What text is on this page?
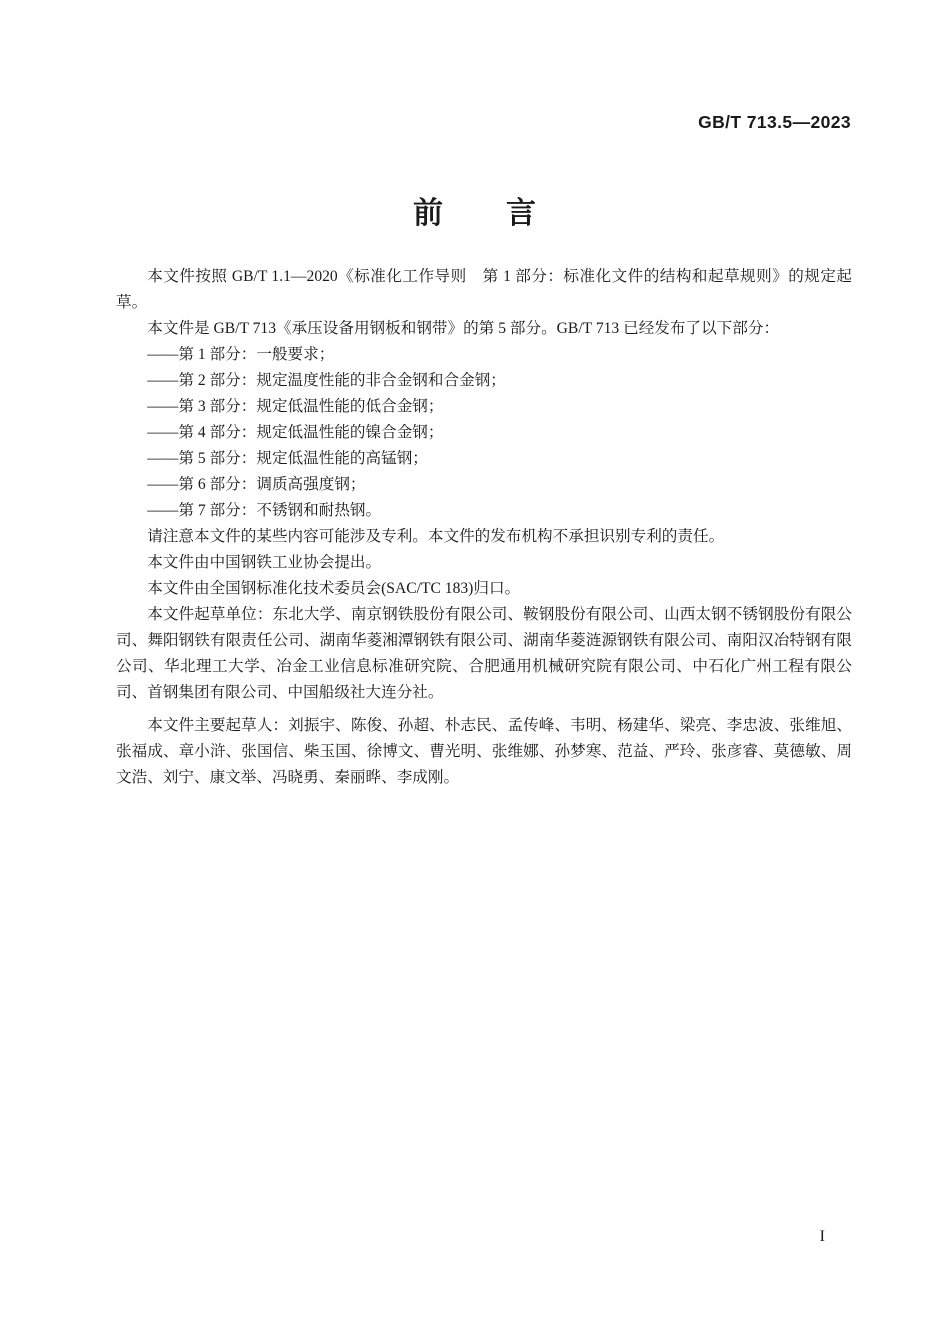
GB/T 713.5—2023
前　　言

本文件按照 GB/T 1.1—2020《标准化工作导则　第 1 部分：标准化文件的结构和起草规则》的规定起草。

本文件是 GB/T 713《承压设备用钢板和钢带》的第 5 部分。GB/T 713 已经发布了以下部分：

——第 1 部分：一般要求；

——第 2 部分：规定温度性能的非合金钢和合金钢；

——第 3 部分：规定低温性能的低合金钢；

——第 4 部分：规定低温性能的镍合金钢；

——第 5 部分：规定低温性能的高锰钢；

——第 6 部分：调质高强度钢；

——第 7 部分：不锈钢和耐热钢。

请注意本文件的某些内容可能涉及专利。本文件的发布机构不承担识别专利的责任。

本文件由中国钢铁工业协会提出。

本文件由全国钢标准化技术委员会(SAC/TC 183)归口。

本文件起草单位：东北大学、南京钢铁股份有限公司、鞍钢股份有限公司、山西太钢不锈钢股份有限公司、舞阳钢铁有限责任公司、湖南华菱湘潭钢铁有限公司、湖南华菱涟源钢铁有限公司、南阳汉冶特钢有限公司、华北理工大学、冶金工业信息标准研究院、合肥通用机械研究院有限公司、中石化广州工程有限公司、首钢集团有限公司、中国船级社大连分社。

本文件主要起草人：刘振宇、陈俊、孙超、朴志民、孟传峰、韦明、杨建华、梁亮、李忠波、张维旭、张福成、章小浒、张国信、柴玉国、徐博文、曹光明、张维娜、孙梦寒、范益、严玲、张彦睿、莫德敏、周文浩、刘宁、康文举、冯晓勇、秦丽晔、李成刚。

I
